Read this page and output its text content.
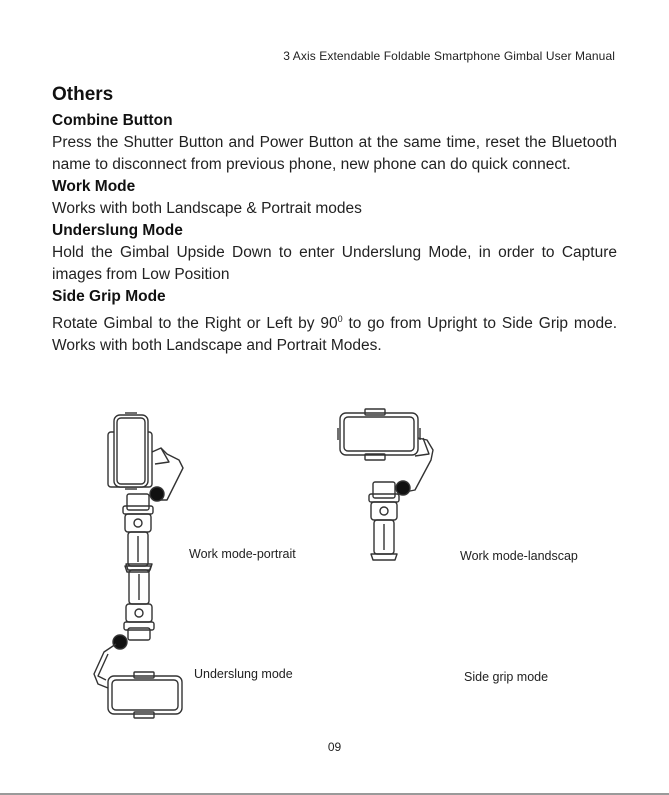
3 Axis Extendable Foldable Smartphone Gimbal User Manual
Others
Combine Button

Press the Shutter Button and Power Button at the same time, reset the Bluetooth name to disconnect from previous phone, new phone can do quick connect.

Work Mode

Works with both Landscape & Portrait modes

Underslung Mode

Hold the Gimbal Upside Down to enter Underslung Mode, in order to Capture images from Low Position

Side Grip Mode

Rotate Gimbal to the Right or Left by $90^0$ to go from Upright to Side Grip mode. Works with both Landscape and Portrait Modes.

Work mode-portrait	Work mode-landscap
Underslung mode	Side grip mode
09
